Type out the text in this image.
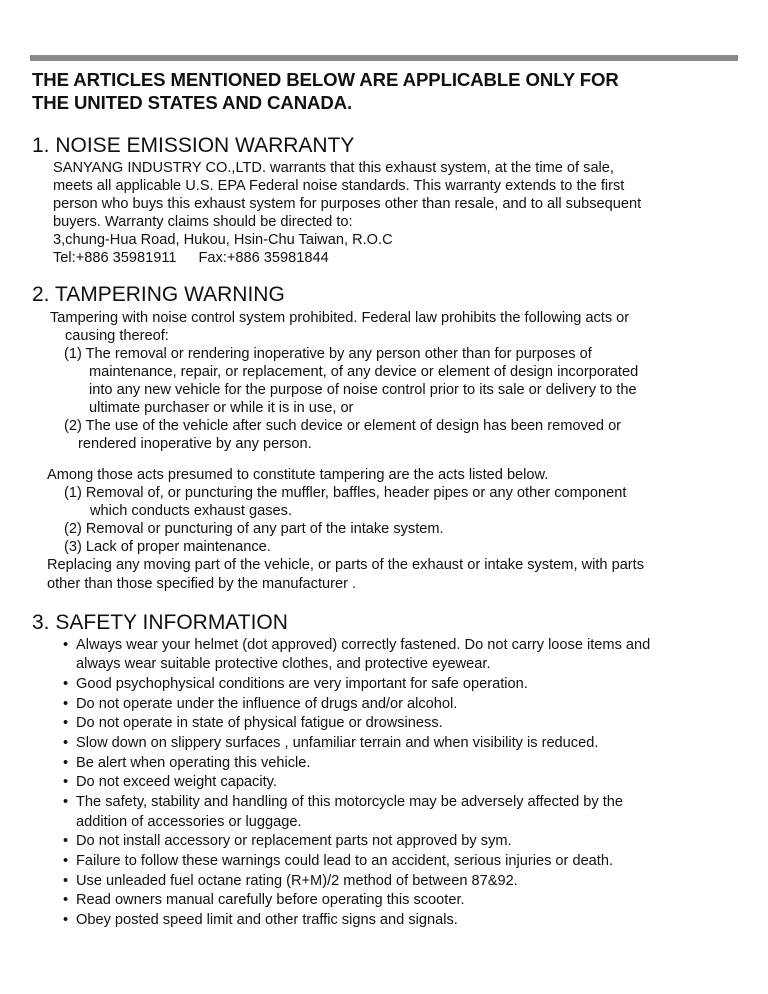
THE ARTICLES MENTIONED BELOW ARE APPLICABLE ONLY FOR
THE UNITED STATES AND CANADA.
1. NOISE EMISSION WARRANTY
SANYANG INDUSTRY CO.,LTD. warrants that this exhaust system, at the time of sale,
meets all applicable U.S. EPA Federal noise standards. This warranty extends to the first
person who buys this exhaust system for purposes other than resale, and to all subsequent
buyers. Warranty claims should be directed to:
3,chung-Hua Road, Hukou, Hsin-Chu Taiwan, R.O.C
Tel:+886 35981911 Fax:+886 35981844
2. TAMPERING WARNING
Tampering with noise control system prohibited. Federal law prohibits the following acts or
causing thereof:
(1) The removal or rendering inoperative by any person other than for purposes of
maintenance, repair, or replacement, of any device or element of design incorporated
into any new vehicle for the purpose of noise control prior to its sale or delivery to the
ultimate purchaser or while it is in use, or
(2) The use of the vehicle after such device or element of design has been removed or
rendered inoperative by any person.
Among those acts presumed to constitute tampering are the acts listed below.
(1) Removal of, or puncturing the muffler, baffles, header pipes or any other component
which conducts exhaust gases.
(2) Removal or puncturing of any part of the intake system.
(3) Lack of proper maintenance.
Replacing any moving part of the vehicle, or parts of the exhaust or intake system, with parts
other than those specified by the manufacturer .
3. SAFETY INFORMATION
• Always wear your helmet (dot approved) correctly fastened. Do not carry loose items and
always wear suitable protective clothes, and protective eyewear.
• Good psychophysical conditions are very important for safe operation.
• Do not operate under the influence of drugs and/or alcohol.
• Do not operate in state of physical fatigue or drowsiness.
• Slow down on slippery surfaces , unfamiliar terrain and when visibility is reduced.
• Be alert when operating this vehicle.
• Do not exceed weight capacity.
• The safety, stability and handling of this motorcycle may be adversely affected by the
addition of accessories or luggage.
• Do not install accessory or replacement parts not approved by sym.
• Failure to follow these warnings could lead to an accident, serious injuries or death.
• Use unleaded fuel octane rating (R+M)/2 method of between 87&92.
• Read owners manual carefully before operating this scooter.
• Obey posted speed limit and other traffic signs and signals.
